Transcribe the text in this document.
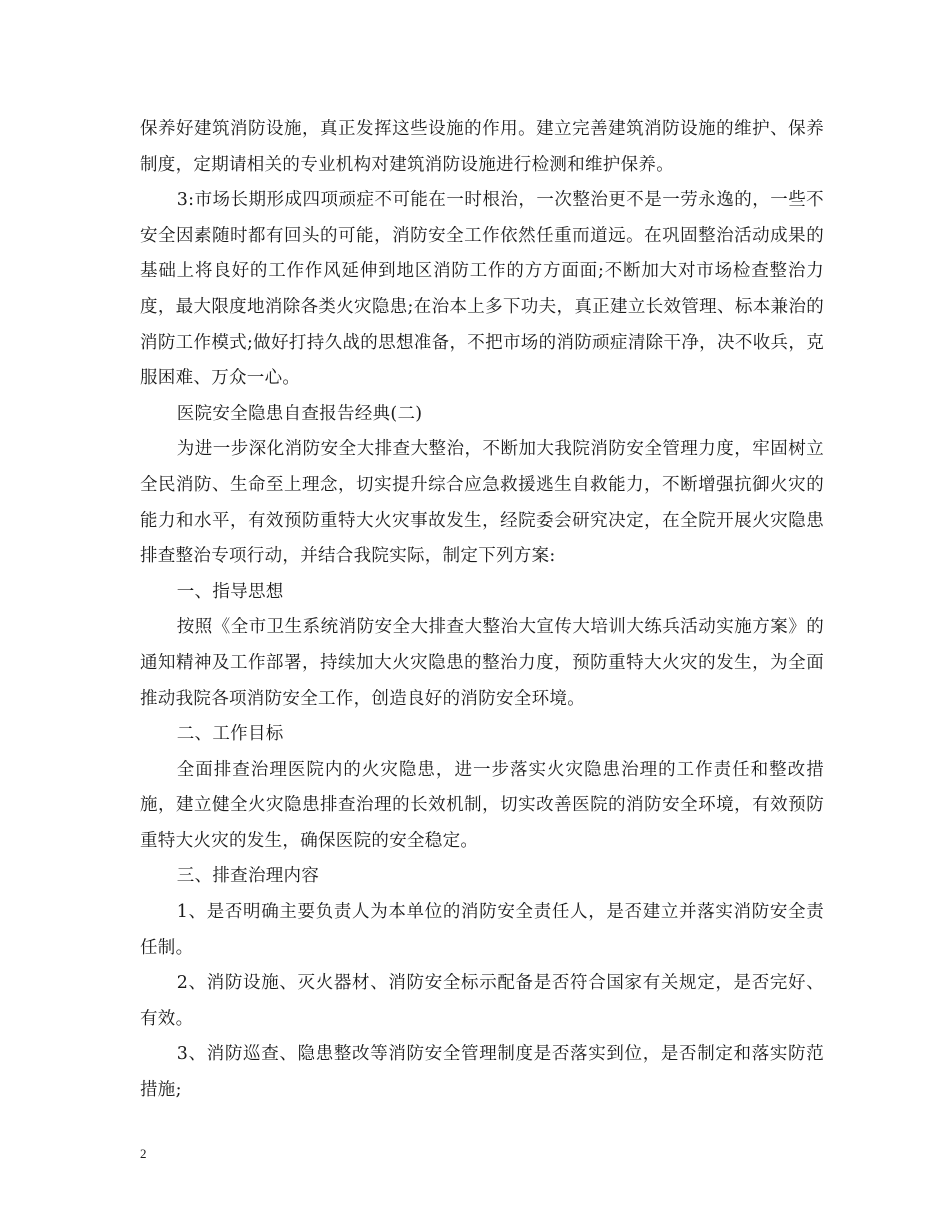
保养好建筑消防设施，真正发挥这些设施的作用。建立完善建筑消防设施的维护、保养制度，定期请相关的专业机构对建筑消防设施进行检测和维护保养。

3:市场长期形成四项顽症不可能在一时根治，一次整治更不是一劳永逸的，一些不安全因素随时都有回头的可能，消防安全工作依然任重而道远。在巩固整治活动成果的基础上将良好的工作作风延伸到地区消防工作的方方面面;不断加大对市场检查整治力度，最大限度地消除各类火灾隐患;在治本上多下功夫，真正建立长效管理、标本兼治的消防工作模式;做好打持久战的思想准备，不把市场的消防顽症清除干净，决不收兵，克服困难、万众一心。

医院安全隐患自查报告经典(二)

为进一步深化消防安全大排查大整治，不断加大我院消防安全管理力度，牢固树立全民消防、生命至上理念，切实提升综合应急救援逃生自救能力，不断增强抗御火灾的能力和水平，有效预防重特大火灾事故发生，经院委会研究决定，在全院开展火灾隐患排查整治专项行动，并结合我院实际，制定下列方案:

一、指导思想

按照《全市卫生系统消防安全大排查大整治大宣传大培训大练兵活动实施方案》的通知精神及工作部署，持续加大火灾隐患的整治力度，预防重特大火灾的发生，为全面推动我院各项消防安全工作，创造良好的消防安全环境。

二、工作目标

全面排查治理医院内的火灾隐患，进一步落实火灾隐患治理的工作责任和整改措施，建立健全火灾隐患排查治理的长效机制，切实改善医院的消防安全环境，有效预防重特大火灾的发生，确保医院的安全稳定。

三、排查治理内容

1、是否明确主要负责人为本单位的消防安全责任人，是否建立并落实消防安全责任制。

2、消防设施、灭火器材、消防安全标示配备是否符合国家有关规定，是否完好、有效。

3、消防巡查、隐患整改等消防安全管理制度是否落实到位，是否制定和落实防范措施;

2
